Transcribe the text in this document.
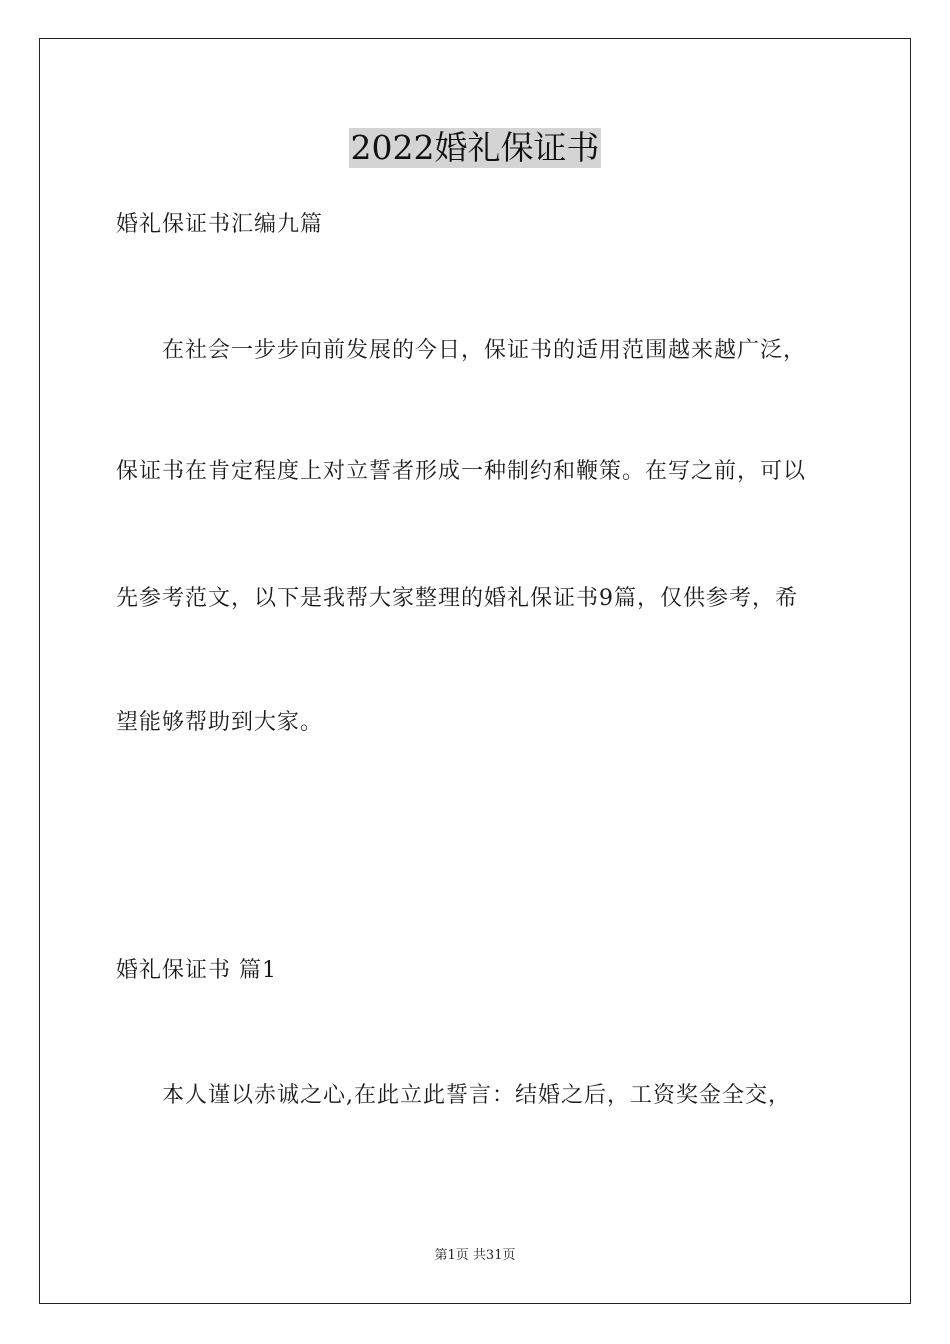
2022婚礼保证书
婚礼保证书汇编九篇
在社会一步步向前发展的今日，保证书的适用范围越来越广泛，
保证书在肯定程度上对立誓者形成一种制约和鞭策。在写之前，可以
先参考范文，以下是我帮大家整理的婚礼保证书9篇，仅供参考，希
望能够帮助到大家。
婚礼保证书 篇1
本人谨以赤诚之心,在此立此誓言：结婚之后，工资奖金全交，
第1页 共31页
